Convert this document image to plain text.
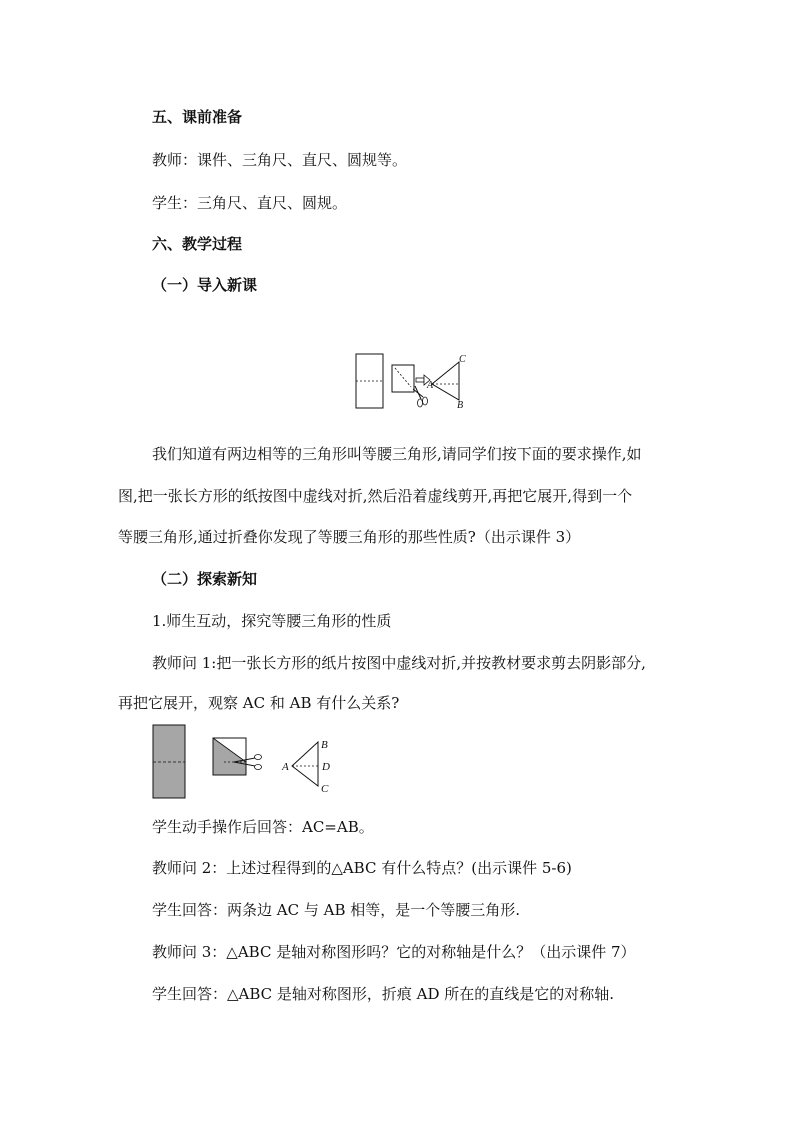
五、课前准备
教师：课件、三角尺、直尺、圆规等。
学生：三角尺、直尺、圆规。
六、教学过程
（一）导入新课
C
A
B
我们知道有两边相等的三角形叫等腰三角形,请同学们按下面的要求操作,如
图,把一张长方形的纸按图中虚线对折,然后沿着虚线剪开,再把它展开,得到一个
等腰三角形,通过折叠你发现了等腰三角形的那些性质?（出示课件 3）
（二）探索新知
1.师生互动，探究等腰三角形的性质
教师问 1:把一张长方形的纸片按图中虚线对折,并按教材要求剪去阴影部分,
再把它展开，观察 AC 和 AB 有什么关系?
B
A	D
C
学生动手操作后回答：AC=AB。
教师问 2：上述过程得到的△ABC 有什么特点？(出示课件 5-6)
学生回答：两条边 AC 与 AB 相等，是一个等腰三角形.
教师问 3：△ABC 是轴对称图形吗？它的对称轴是什么？（出示课件 7）
学生回答：△ABC 是轴对称图形，折痕 AD 所在的直线是它的对称轴.
